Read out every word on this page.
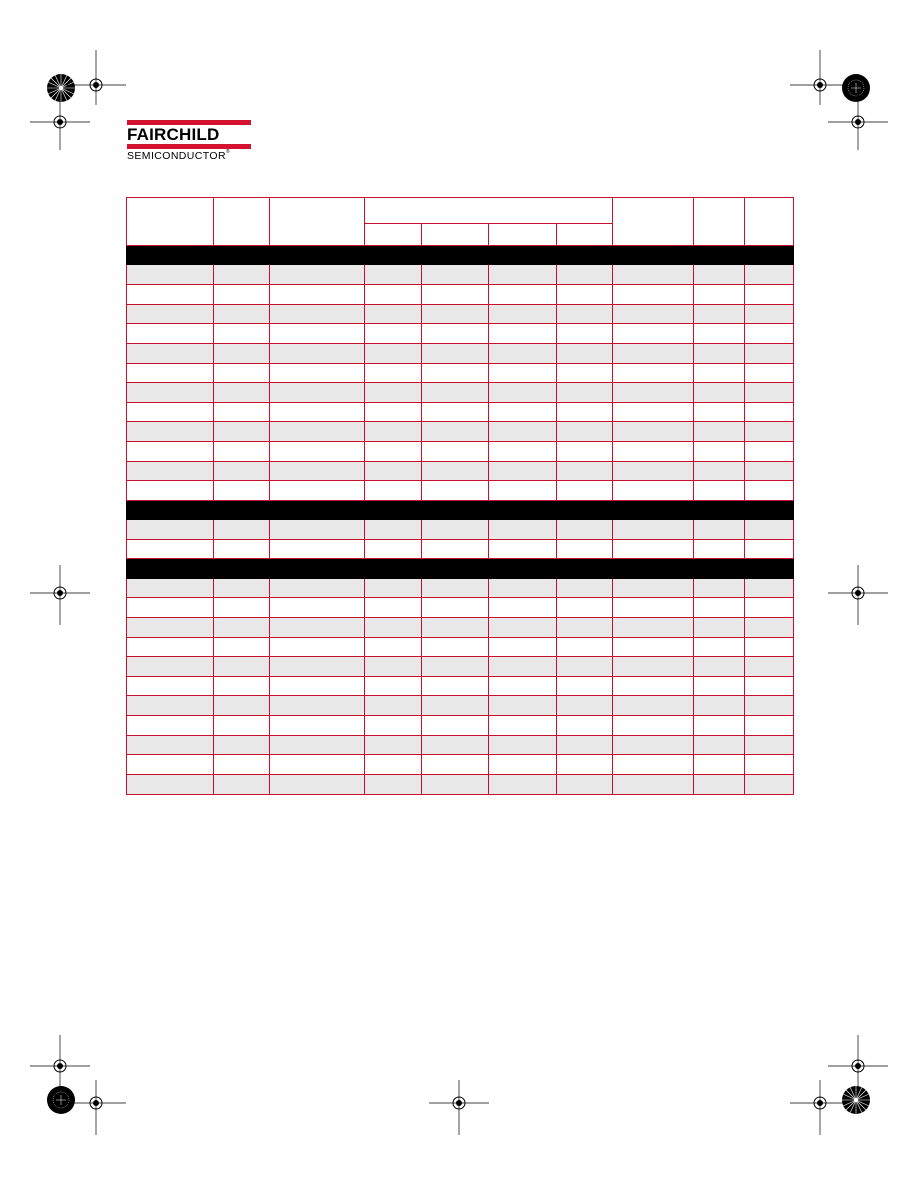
FAIRCHILD
SEMICONDUCTOR®
